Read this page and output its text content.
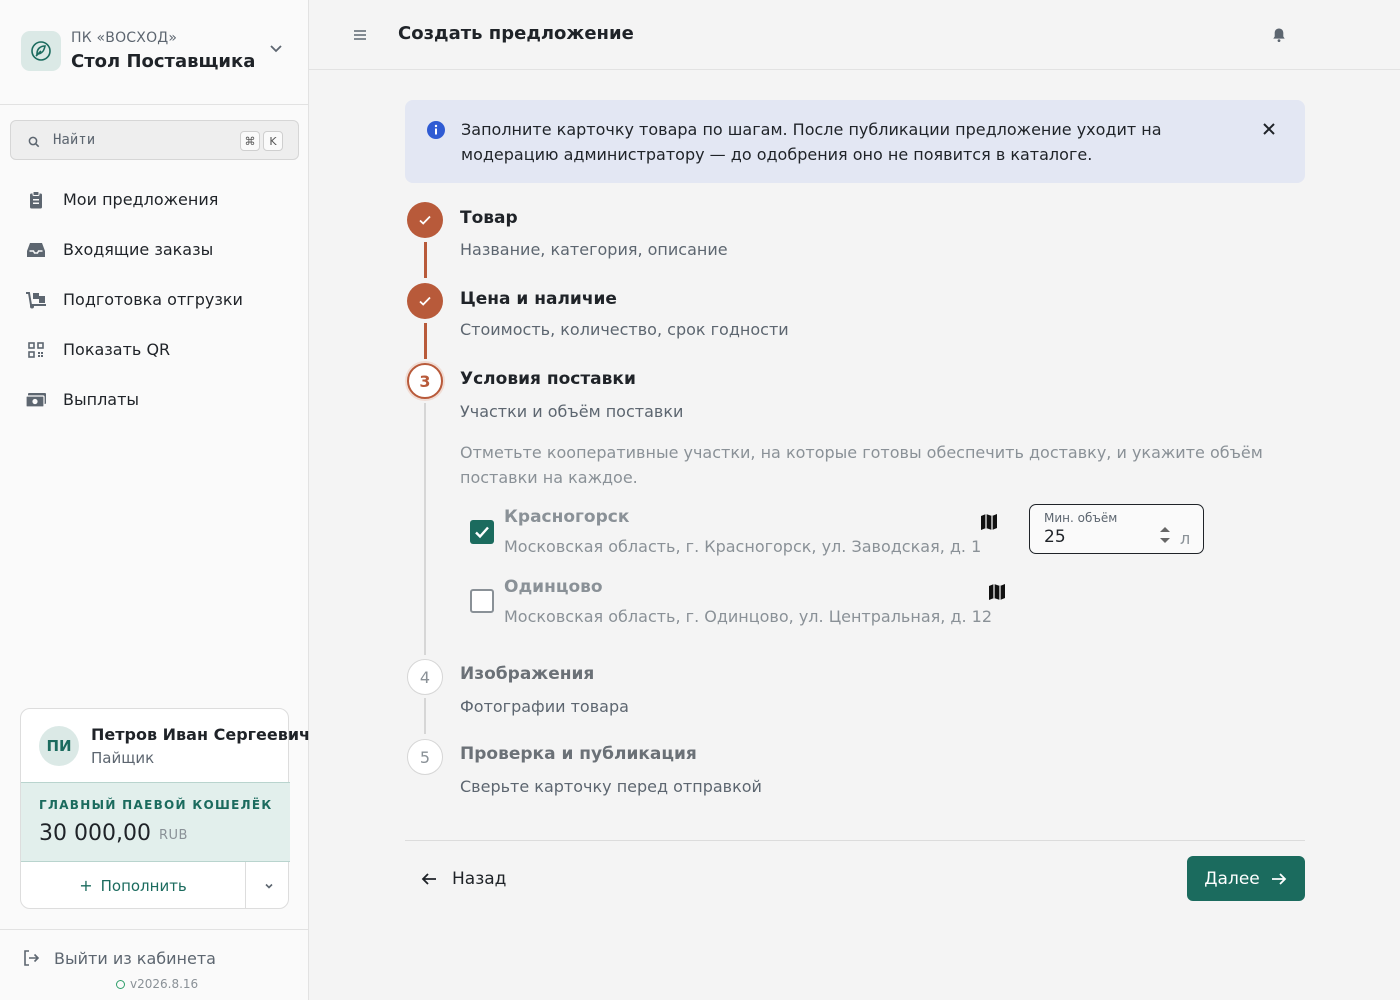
ПК «ВОСХОД»
Стол Поставщика
Найти	⌘	K
Мои предложения
Входящие заказы
Подготовка отгрузки
Показать QR
Выплаты
ПИ
Петров Иван Сергеевич
Пайщик
ГЛАВНЫЙ ПАЕВОЙ КОШЕЛЁК
30 000,00 RUB
+ Пополнить
Выйти из кабинета
v2026.8.16
Создать предложение
Заполните карточку товара по шагам. После публикации предложение уходит на модерацию администратору — до одобрения оно не появится в каталоге.
Товар
Название, категория, описание
Цена и наличие
Стоимость, количество, срок годности
3	Условия поставки
Участки и объём поставки
4	Изображения
Фотографии товара
5	Проверка и публикация
Сверьте карточку перед отправкой
Отметьте кооперативные участки, на которые готовы обеспечить доставку, и укажите объём поставки на каждое.
Красногорск
Московская область, г. Красногорск, ул. Заводская, д. 1
Мин. объём
25
л
Одинцово
Московская область, г. Одинцово, ул. Центральная, д. 12
Назад	Далее
